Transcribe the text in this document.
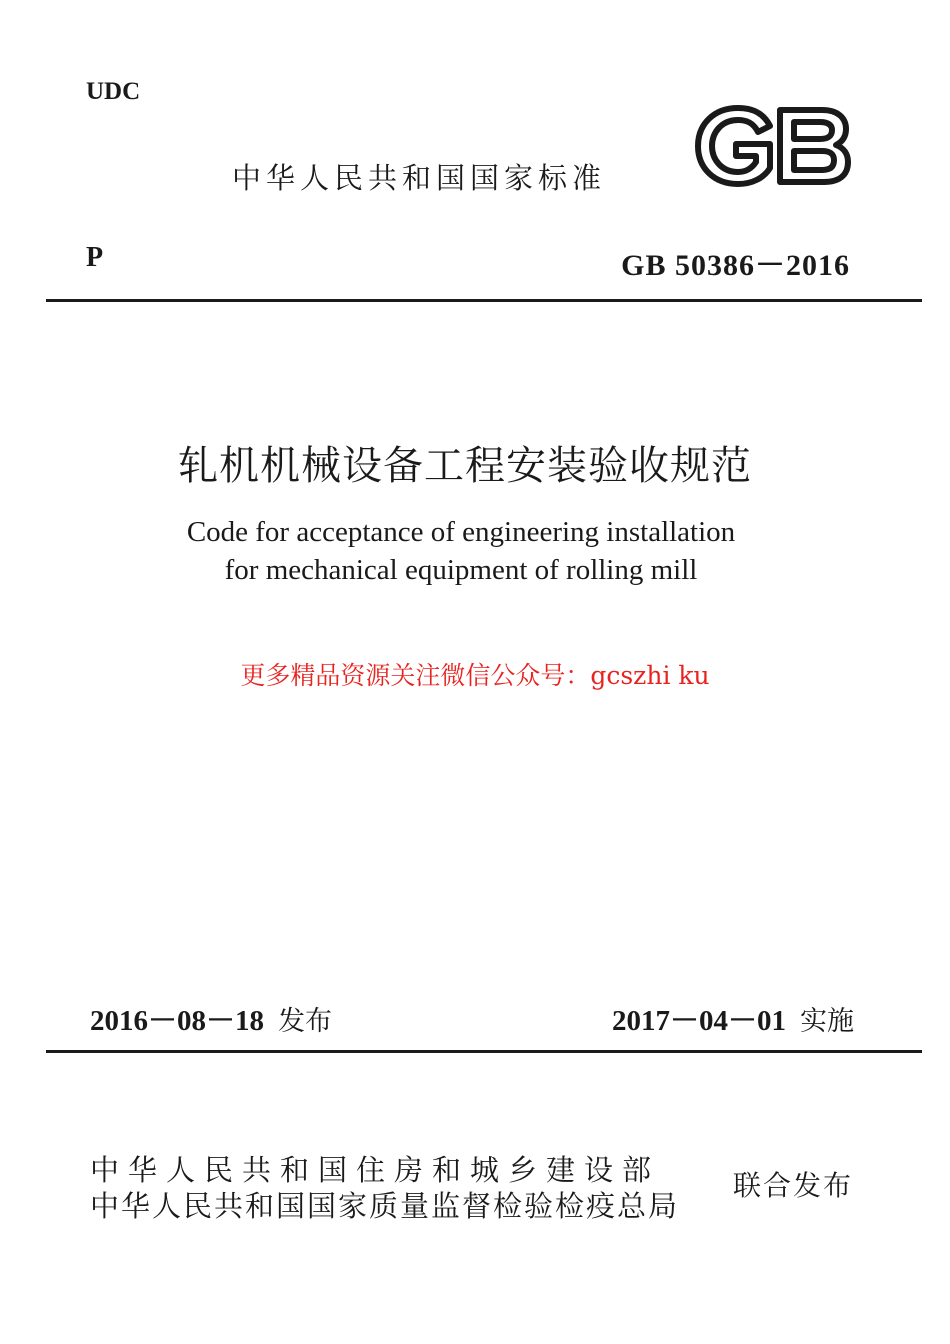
UDC
中华人民共和国国家标准
P	GB 50386－2016
轧机机械设备工程安装验收规范
Code for acceptance of engineering installation
for mechanical equipment of rolling mill
更多精品资源关注微信公众号：gcszhi ku
2016－08－18 发布	2017－04－01 实施
中华人民共和国住房和城乡建设部
中华人民共和国国家质量监督检验检疫总局
联合发布
